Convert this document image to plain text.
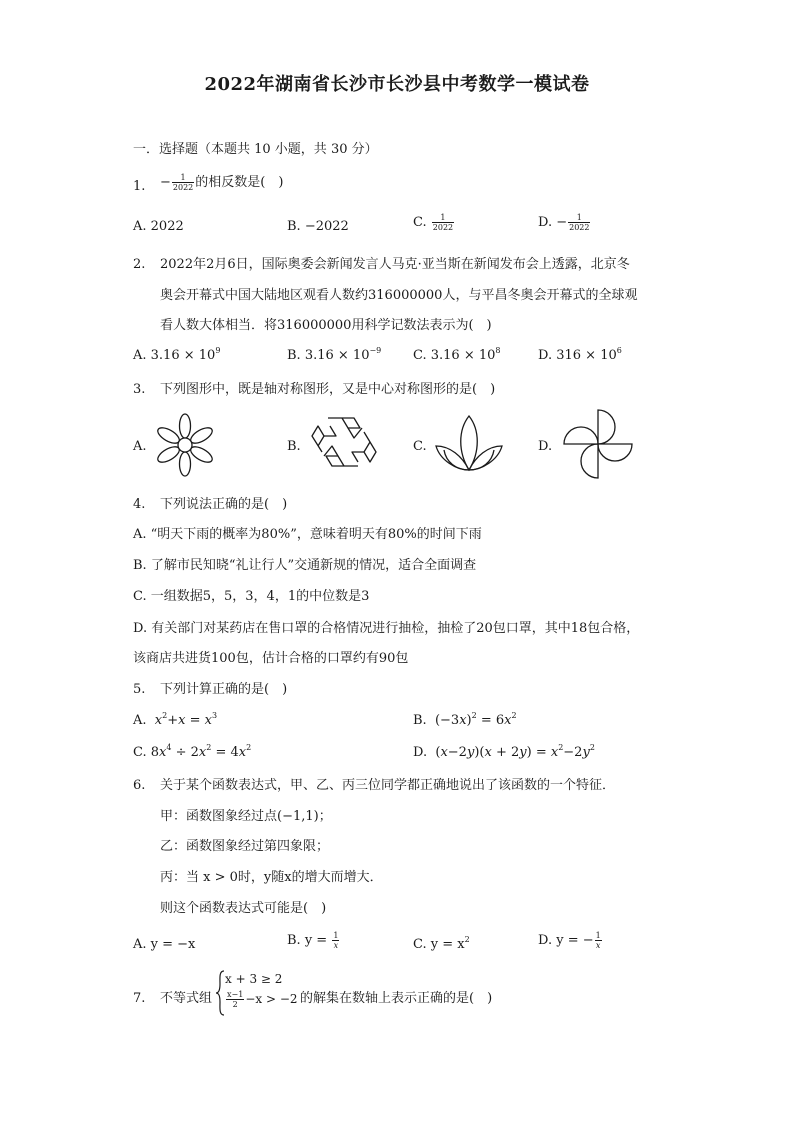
2022年湖南省长沙市长沙县中考数学一模试卷
一．选择题（本题共 10 小题，共 30 分）
1. − $\frac{1}{2022}$ 的相反数是(　)
A. 2022	B. −2022	C. $\frac{1}{2022}$	D. − $\frac{1}{2022}$
2. 2022年2月6日，国际奥委会新闻发言人马克·亚当斯在新闻发布会上透露，北京冬
奥会开幕式中国大陆地区观看人数约316000000人，与平昌冬奥会开幕式的全球观
看人数大体相当．将316000000用科学记数法表示为(　)
A. $3.16 \times 10^9$	B. $3.16 \times 10^{-9}$ C. $3.16 \times 10^8$	D. $316 \times 10^6$
3. 下列图形中，既是轴对称图形，又是中心对称图形的是(　)
A.	B.	C.	D.
4. 下列说法正确的是(　)
A. “明天下雨的概率为80%”，意味着明天有80%的时间下雨
B. 了解市民知晓“礼让行人”交通新规的情况，适合全面调查
C. 一组数据5，5，3，4，1的中位数是3
D. 有关部门对某药店在售口罩的合格情况进行抽检，抽检了20包口罩，其中18包合格，
该商店共进货100包，估计合格的口罩约有90包
5. 下列计算正确的是(　)
A. $x^2+x = x^3$	B.  $(-3x)^2 = 6x^2$
C. $8x^4 \div 2x^2 = 4x^2$	D.  $(x-2y)(x + 2y) = x^2-2y^2$
6. 关于某个函数表达式，甲、乙、丙三位同学都正确地说出了该函数的一个特征．
甲：函数图象经过点(−1,1)；
乙：函数图象经过第四象限；
丙：当 x > 0时，y随x的增大而增大．
则这个函数表达式可能是(　)
A. y = −x	B. $y = \frac{1}{x}$	C. $y = x^2$	D. y = − $\frac{1}{x}$
7. 不等式组
x + 3 ≥ 2
$\frac{x-1}{2} -x > -2$ 的解集在数轴上表示正确的是(　)
